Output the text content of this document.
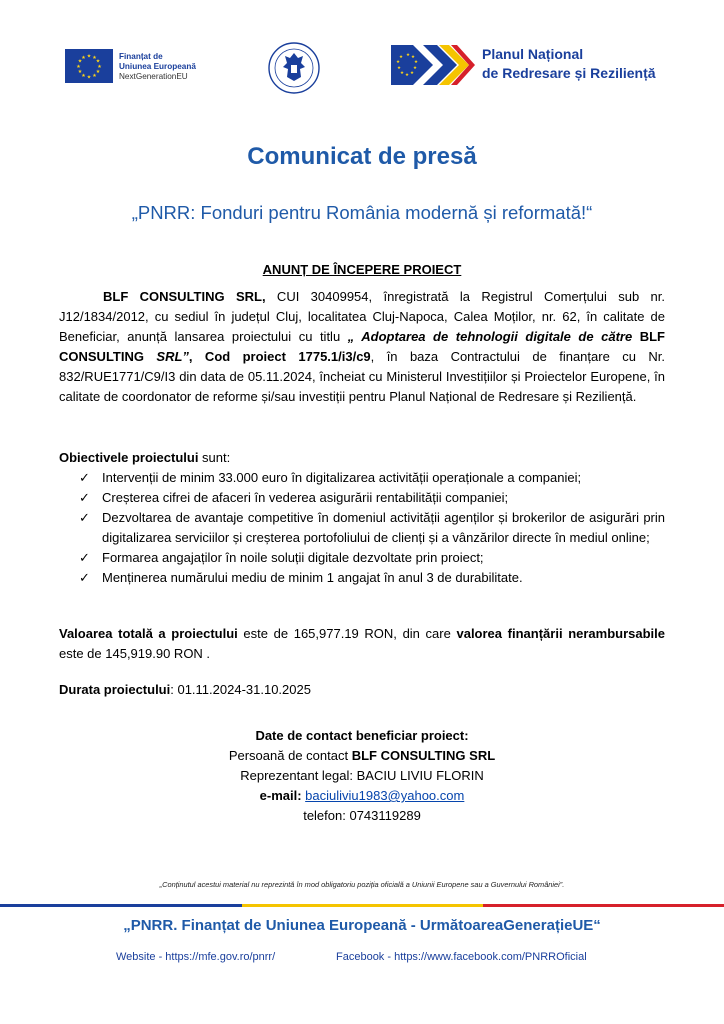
★ ★
★
★
★
★
★
★
★
★
★
★	Finanțat de
Uniunea Europeană
NextGenerationEU
★ ★
★
★
★
★
★
★
★
★	Planul Național
de Redresare și Reziliență
Comunicat de presă
„PNRR: Fonduri pentru România modernă și reformată!“
ANUNȚ DE ÎNCEPERE PROIECT
BLF CONSULTING SRL, CUI 30409954, înregistrată la Registrul Comerțului sub nr. J12/1834/2012, cu sediul în județul Cluj, localitatea Cluj-Napoca, Calea Moților, nr. 62, în calitate de Beneficiar, anunță lansarea proiectului cu titlu „ Adoptarea de tehnologii digitale de către BLF CONSULTING SRL”, Cod proiect 1775.1/i3/c9, în baza Contractului de finanțare cu Nr. 832/RUE1771/C9/I3 din data de 05.11.2024, încheiat cu Ministerul Investițiilor și Proiectelor Europene, în calitate de coordonator de reforme și/sau investiții pentru Planul Național de Redresare și Reziliență.
Obiectivele proiectului sunt:
✓ Intervenții de minim 33.000 euro în digitalizarea activității operaționale a companiei;
✓ Creșterea cifrei de afaceri în vederea asigurării rentabilității companiei;
✓ Dezvoltarea de avantaje competitive în domeniul activității agenților și brokerilor de asigurări prin digitalizarea serviciilor și creșterea portofoliului de clienți și a vânzărilor directe în mediul online;
✓ Formarea angajaților în noile soluții digitale dezvoltate prin proiect;
✓ Menținerea numărului mediu de minim 1 angajat în anul 3 de durabilitate.
Valoarea totală a proiectului este de 165,977.19 RON, din care valorea finanțării nerambursabile este de 145,919.90 RON .
Durata proiectului: 01.11.2024-31.10.2025
Date de contact beneficiar proiect:
Persoană de contact BLF CONSULTING SRL
Reprezentant legal: BACIU LIVIU FLORIN
e-mail: baciuliviu1983@yahoo.com
telefon: 0743119289
„Conținutul acestui material nu reprezintă în mod obligatoriu poziția oficială a Uniunii Europene sau a Guvernului României”.
„PNRR. Finanțat de Uniunea Europeană - UrmătoareaGenerațieUE“
Website - https://mfe.gov.ro/pnrr/	Facebook - https://www.facebook.com/PNRROficial
